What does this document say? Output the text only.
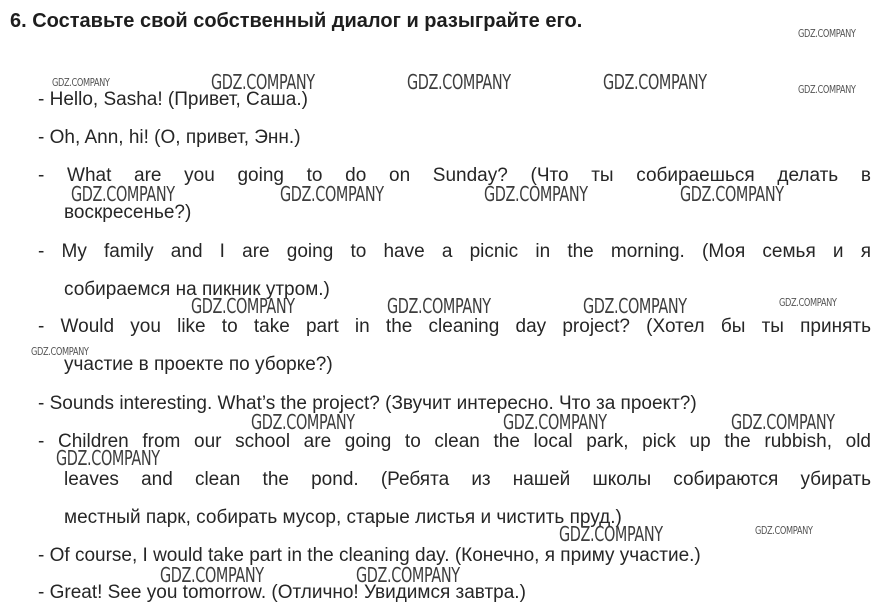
6. Составьте свой собственный диалог и разыграйте его.
- Hello, Sasha! (Привет, Саша.)
- Oh, Ann, hi! (О, привет, Энн.)
- What are you going to do on Sunday? (Что ты собираешься делать в
воскресенье?)
- My family and I are going to have a picnic in the morning. (Моя семья и я
собираемся на пикник утром.)
- Would you like to take part in the cleaning day project? (Хотел бы ты принять
участие в проекте по уборке?)
- Sounds interesting. What’s the project? (Звучит интересно. Что за проект?)
- Children from our school are going to clean the local park, pick up the rubbish, old
leaves and clean the pond. (Ребята из нашей школы собираются убирать
местный парк, собирать мусор, старые листья и чистить пруд.)
- Of course, I would take part in the cleaning day. (Конечно, я приму участие.)
- Great! See you tomorrow. (Отлично! Увидимся завтра.)
GDZ.COMPANY
GDZ.COMPANY	GDZ.COMPANY	GDZ.COMPANY	GDZ.COMPANY	GDZ.COMPANY
GDZ.COMPANY	GDZ.COMPANY	GDZ.COMPANY	GDZ.COMPANY
GDZ.COMPANY	GDZ.COMPANY	GDZ.COMPANY	GDZ.COMPANY
GDZ.COMPANY
GDZ.COMPANY	GDZ.COMPANY	GDZ.COMPANY
GDZ.COMPANY
GDZ.COMPANY	GDZ.COMPANY
GDZ.COMPANY	GDZ.COMPANY
